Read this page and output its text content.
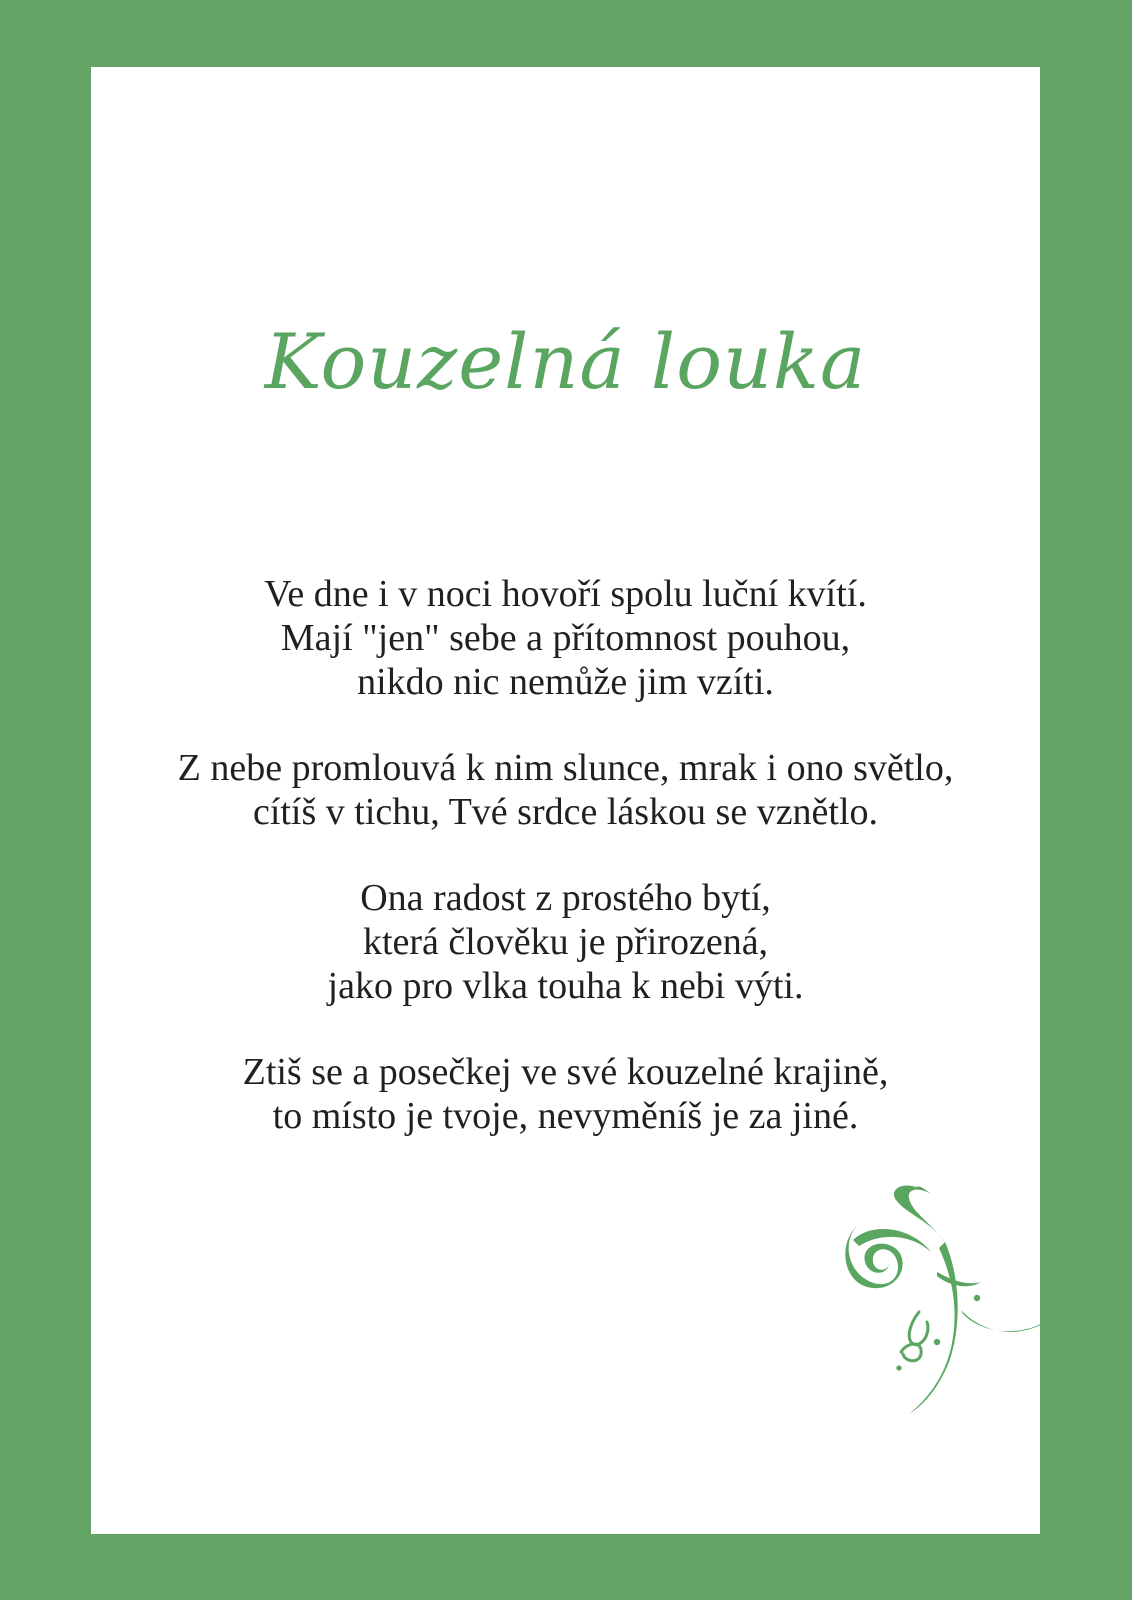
Kouzelná louka

Ve dne i v noci hovoří spolu luční kvítí.
Mají "jen" sebe a přítomnost pouhou,
nikdo nic nemůže jim vzíti.

Z nebe promlouvá k nim slunce, mrak i ono světlo,
cítíš v tichu, Tvé srdce láskou se vznětlo.

Ona radost z prostého bytí,
která člověku je přirozená,
jako pro vlka touha k nebi výti.

Ztiš se a posečkej ve své kouzelné krajině,
to místo je tvoje, nevyměníš je za jiné.
